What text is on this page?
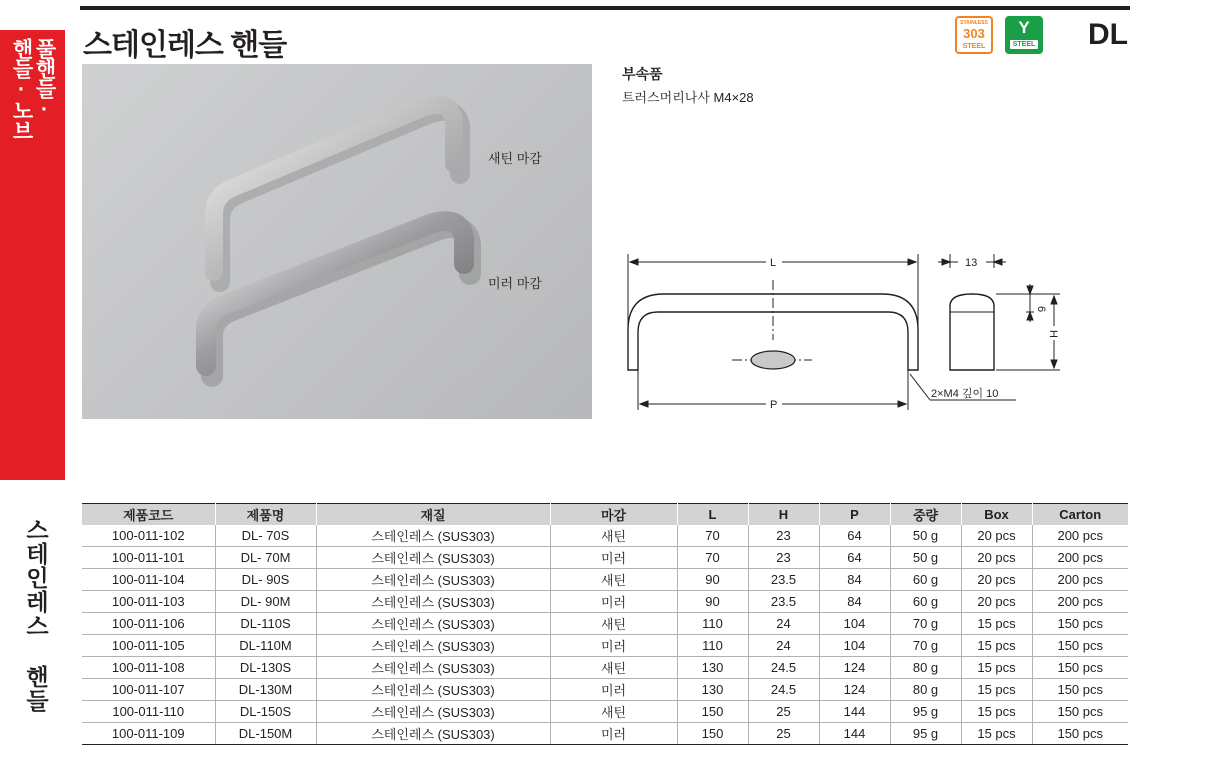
풀핸들·
핸들·노브
스테인레스 핸들
스테인레스 핸들
STAINLESS
303
STEEL
Y
STEEL DL
새틴 마감
미러 마감
부속품
트러스머리나사 M4×28
L
P
13
6
H
2×M4 깊이 10
제품코드	제품명	재질	마감	L	H	P	중량	Box	Carton
100-011-102	DL- 70S	스테인레스 (SUS303)	새틴	70	23	64	50 g	20 pcs	200 pcs
100-011-101	DL- 70M	스테인레스 (SUS303)	미러	70	23	64	50 g	20 pcs	200 pcs
100-011-104	DL- 90S	스테인레스 (SUS303)	새틴	90	23.5	84	60 g	20 pcs	200 pcs
100-011-103	DL- 90M	스테인레스 (SUS303)	미러	90	23.5	84	60 g	20 pcs	200 pcs
100-011-106	DL-110S	스테인레스 (SUS303)	새틴	110	24	104	70 g	15 pcs	150 pcs
100-011-105	DL-110M	스테인레스 (SUS303)	미러	110	24	104	70 g	15 pcs	150 pcs
100-011-108	DL-130S	스테인레스 (SUS303)	새틴	130	24.5	124	80 g	15 pcs	150 pcs
100-011-107	DL-130M	스테인레스 (SUS303)	미러	130	24.5	124	80 g	15 pcs	150 pcs
100-011-110	DL-150S	스테인레스 (SUS303)	새틴	150	25	144	95 g	15 pcs	150 pcs
100-011-109	DL-150M	스테인레스 (SUS303)	미러	150	25	144	95 g	15 pcs	150 pcs
